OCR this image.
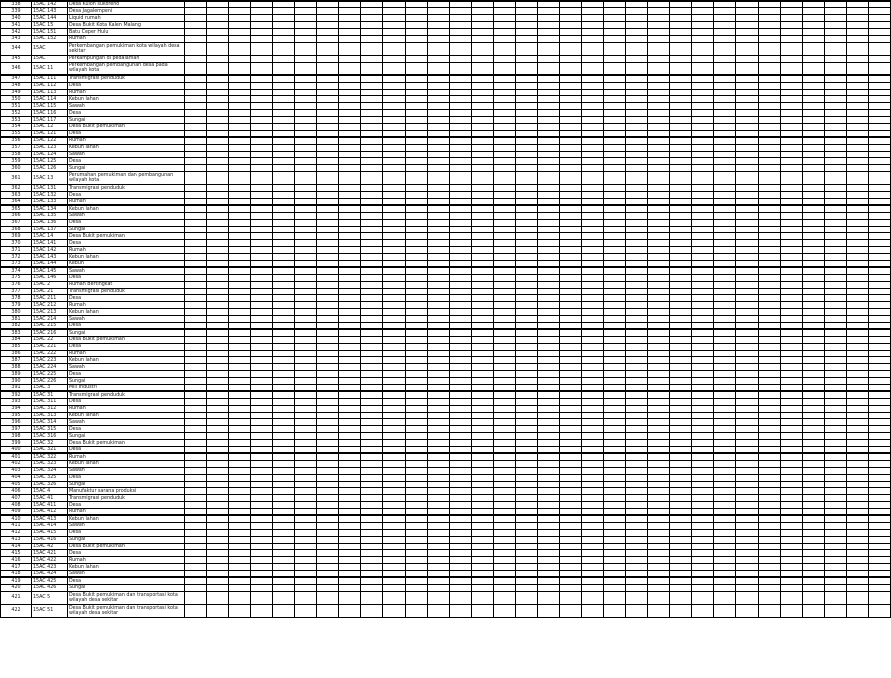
338	15AC 142	Desa Kulon sukoreno																																
339	15AC 143	Desa Jagalempeni																																
340	15AC 144	Liquid rumah																																
341	15AC 15	Desa Bukit Kota Kalen Malang																																
342	15AC 151	Batu Ceper Hulu																																
343	15AC 152	Rumah																																
344	15AC	Perkembangan pemukiman kota wilayah desa sekitar																																
345	15AC	Perkampungan di pedalaman																																
346	15AC 11	Perkembangan pembangunan desa pada wilayah kota																																
347	15AC 111	Transmigrasi penduduk																																
348	15AC 112	Desa																																
349	15AC 113	Rumah																																
350	15AC 114	Kebun lahan																																
351	15AC 115	Sawah																																
352	15AC 116	Desa																																
353	15AC 117	Sungai																																
354	15AC 12	Desa Bukit pemukiman																																
355	15AC 121	Desa																																
356	15AC 122	Rumah																																
357	15AC 123	Kebun lahan																																
358	15AC 124	Sawah																																
359	15AC 125	Desa																																
360	15AC 126	Sungai																																
361	15AC 13	Perumahan pemukiman dan pembangunan wilayah kota																																
362	15AC 131	Transmigrasi penduduk																																
363	15AC 132	Desa																																
364	15AC 133	Rumah																																
365	15AC 134	Kebun lahan																																
366	15AC 135	Sawah																																
367	15AC 136	Desa																																
368	15AC 137	Sungai																																
369	15AC 14	Desa Bukit pemukiman																																
370	15AC 141	Desa																																
371	15AC 142	Rumah																																
372	15AC 143	Kebun lahan																																
373	15AC 144	Kebun																																
374	15AC 145	Sawah																																
375	15AC 146	Desa																																
376	15AC 2	Rumah Bertingkat																																
377	15AC 21	Transmigrasi penduduk																																
378	15AC 211	Desa																																
379	15AC 212	Rumah																																
380	15AC 213	Kebun lahan																																
381	15AC 214	Sawah																																
382	15AC 215	Desa																																
383	15AC 216	Sungai																																
384	15AC 22	Desa Bukit pemukiman																																
385	15AC 221	Desa																																
386	15AC 222	Rumah																																
387	15AC 223	Kebun lahan																																
388	15AC 224	Sawah																																
389	15AC 225	Desa																																
390	15AC 226	Sungai																																
391	15AC 3	Mill Industri																																
392	15AC 31	Transmigrasi penduduk																																
393	15AC 311	Desa																																
394	15AC 312	Rumah																																
395	15AC 313	Kebun lahan																																
396	15AC 314	Sawah																																
397	15AC 315	Desa																																
398	15AC 316	Sungai																																
399	15AC 32	Desa Bukit pemukiman																																
400	15AC 321	Desa																																
401	15AC 322	Rumah																																
402	15AC 323	Kebun lahan																																
403	15AC 324	Sawah																																
404	15AC 325	Desa																																
405	15AC 326	Sungai																																
406	15AC 4	Manufaktur sarana produksi																																
407	15AC 41	Transmigrasi penduduk																																
408	15AC 411	Desa																																
409	15AC 412	Rumah																																
410	15AC 413	Kebun lahan																																
411	15AC 414	Sawah																																
412	15AC 415	Desa																																
413	15AC 416	Sungai																																
414	15AC 42	Desa Bukit pemukiman																																
415	15AC 421	Desa																																
416	15AC 422	Rumah																																
417	15AC 423	Kebun lahan																																
418	15AC 424	Sawah																																
419	15AC 425	Desa																																
420	15AC 426	Sungai																																
421	15AC 5	Desa Bukit pemukiman dan transportasi kota wilayah desa sekitar																																
422	15AC 51	Desa Bukit pemukiman dan transportasi kota wilayah desa sekitar																																
